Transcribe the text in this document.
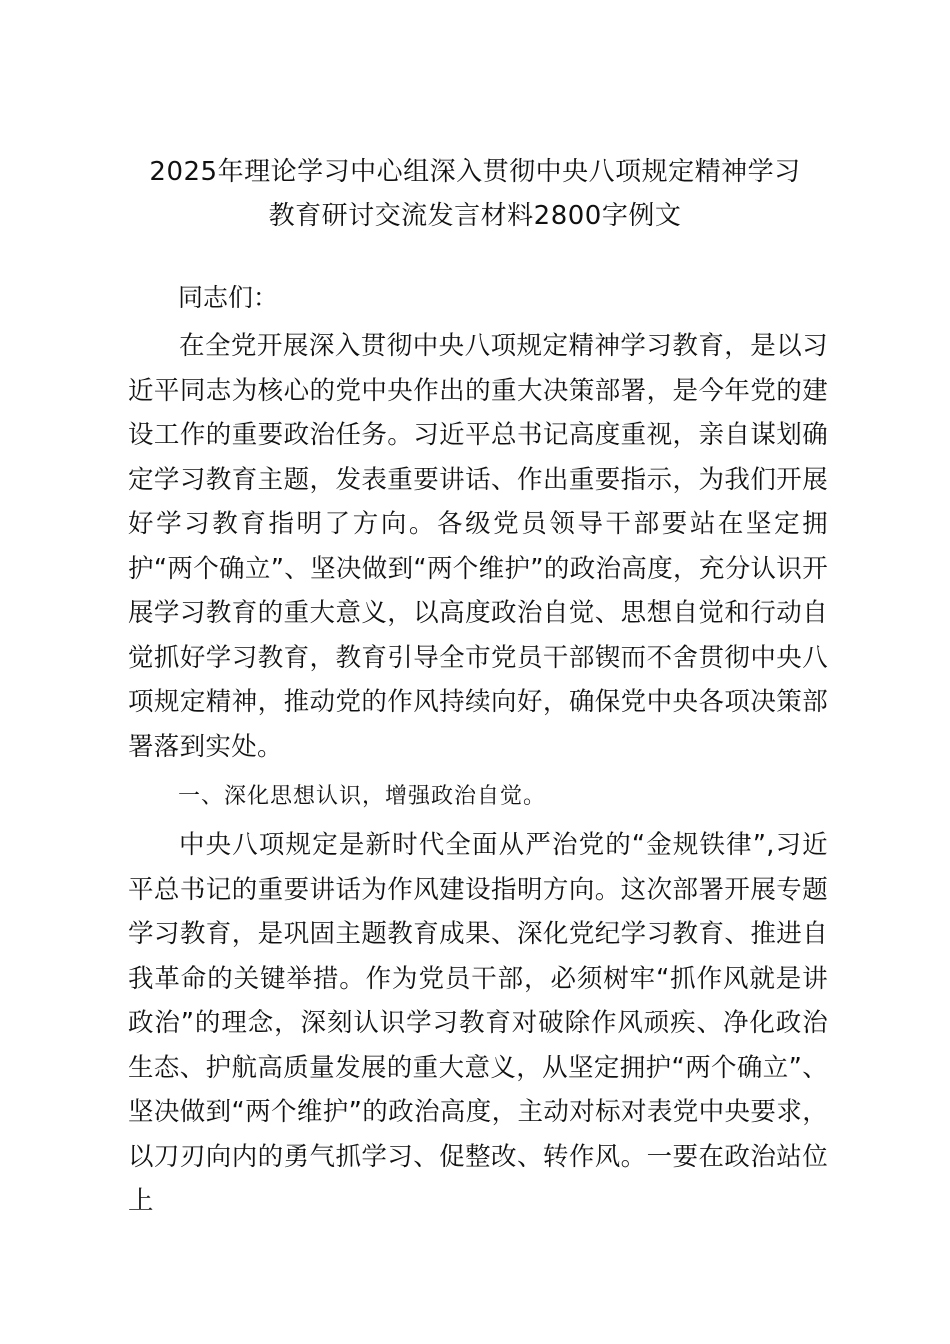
2025年理论学习中心组深入贯彻中央八项规定精神学习
教育研讨交流发言材料2800字例文

同志们：

在全党开展深入贯彻中央八项规定精神学习教育，是以习近平同志为核心的党中央作出的重大决策部署，是今年党的建设工作的重要政治任务。习近平总书记高度重视，亲自谋划确定学习教育主题，发表重要讲话、作出重要指示，为我们开展好学习教育指明了方向。各级党员领导干部要站在坚定拥护“两个确立”、坚决做到“两个维护”的政治高度，充分认识开展学习教育的重大意义，以高度政治自觉、思想自觉和行动自觉抓好学习教育，教育引导全市党员干部锲而不舍贯彻中央八项规定精神，推动党的作风持续向好，确保党中央各项决策部署落到实处。

一、深化思想认识，增强政治自觉。

中央八项规定是新时代全面从严治党的“金规铁律”,习近平总书记的重要讲话为作风建设指明方向。这次部署开展专题学习教育，是巩固主题教育成果、深化党纪学习教育、推进自我革命的关键举措。作为党员干部，必须树牢“抓作风就是讲政治”的理念，深刻认识学习教育对破除作风顽疾、净化政治生态、护航高质量发展的重大意义，从坚定拥护“两个确立”、坚决做到“两个维护”的政治高度，主动对标对表党中央要求，以刀刃向内的勇气抓学习、促整改、转作风。一要在政治站位上
